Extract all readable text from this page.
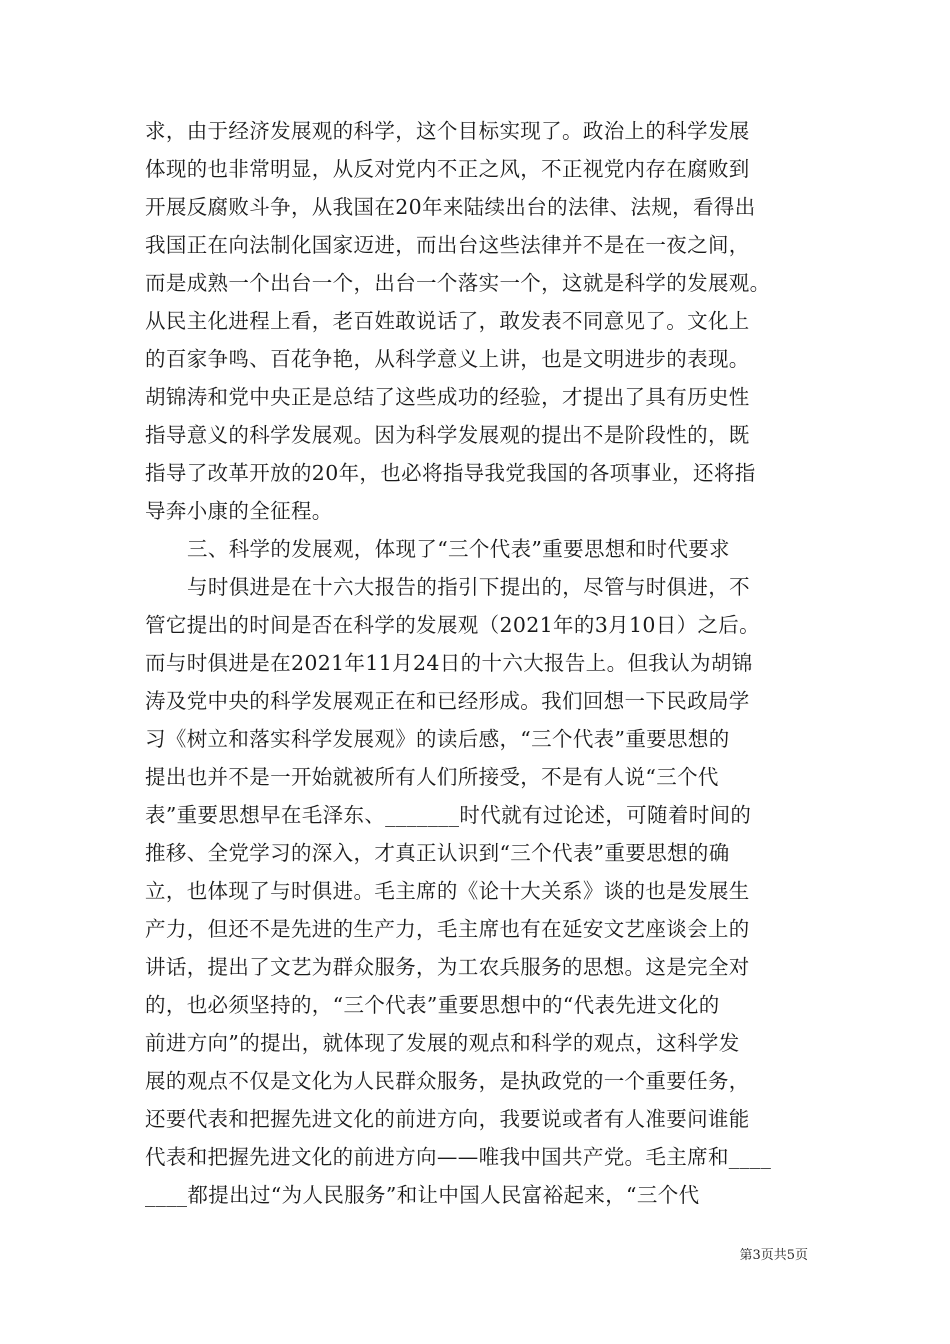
求，由于经济发展观的科学，这个目标实现了。政治上的科学发展
体现的也非常明显，从反对党内不正之风，不正视党内存在腐败到
开展反腐败斗争，从我国在20年来陆续出台的法律、法规，看得出
我国正在向法制化国家迈进，而出台这些法律并不是在一夜之间，
而是成熟一个出台一个，出台一个落实一个，这就是科学的发展观。
从民主化进程上看，老百姓敢说话了，敢发表不同意见了。文化上
的百家争鸣、百花争艳，从科学意义上讲，也是文明进步的表现。
胡锦涛和党中央正是总结了这些成功的经验，才提出了具有历史性
指导意义的科学发展观。因为科学发展观的提出不是阶段性的，既
指导了改革开放的20年，也必将指导我党我国的各项事业，还将指
导奔小康的全征程。
三、科学的发展观，体现了“三个代表”重要思想和时代要求
与时俱进是在十六大报告的指引下提出的，尽管与时俱进，不
管它提出的时间是否在科学的发展观（2021年的3月10日）之后。
而与时俱进是在2021年11月24日的十六大报告上。但我认为胡锦
涛及党中央的科学发展观正在和已经形成。我们回想一下民政局学
习《树立和落实科学发展观》的读后感，“三个代表”重要思想的
提出也并不是一开始就被所有人们所接受，不是有人说“三个代
表”重要思想早在毛泽东、_______时代就有过论述，可随着时间的
推移、全党学习的深入，才真正认识到“三个代表”重要思想的确
立，也体现了与时俱进。毛主席的《论十大关系》谈的也是发展生
产力，但还不是先进的生产力，毛主席也有在延安文艺座谈会上的
讲话，提出了文艺为群众服务，为工农兵服务的思想。这是完全对
的，也必须坚持的，“三个代表”重要思想中的“代表先进文化的
前进方向”的提出，就体现了发展的观点和科学的观点，这科学发
展的观点不仅是文化为人民群众服务，是执政党的一个重要任务，
还要代表和把握先进文化的前进方向，我要说或者有人准要问谁能
代表和把握先进文化的前进方向——唯我中国共产党。毛主席和____
____都提出过“为人民服务”和让中国人民富裕起来，“三个代
第3页共5页
